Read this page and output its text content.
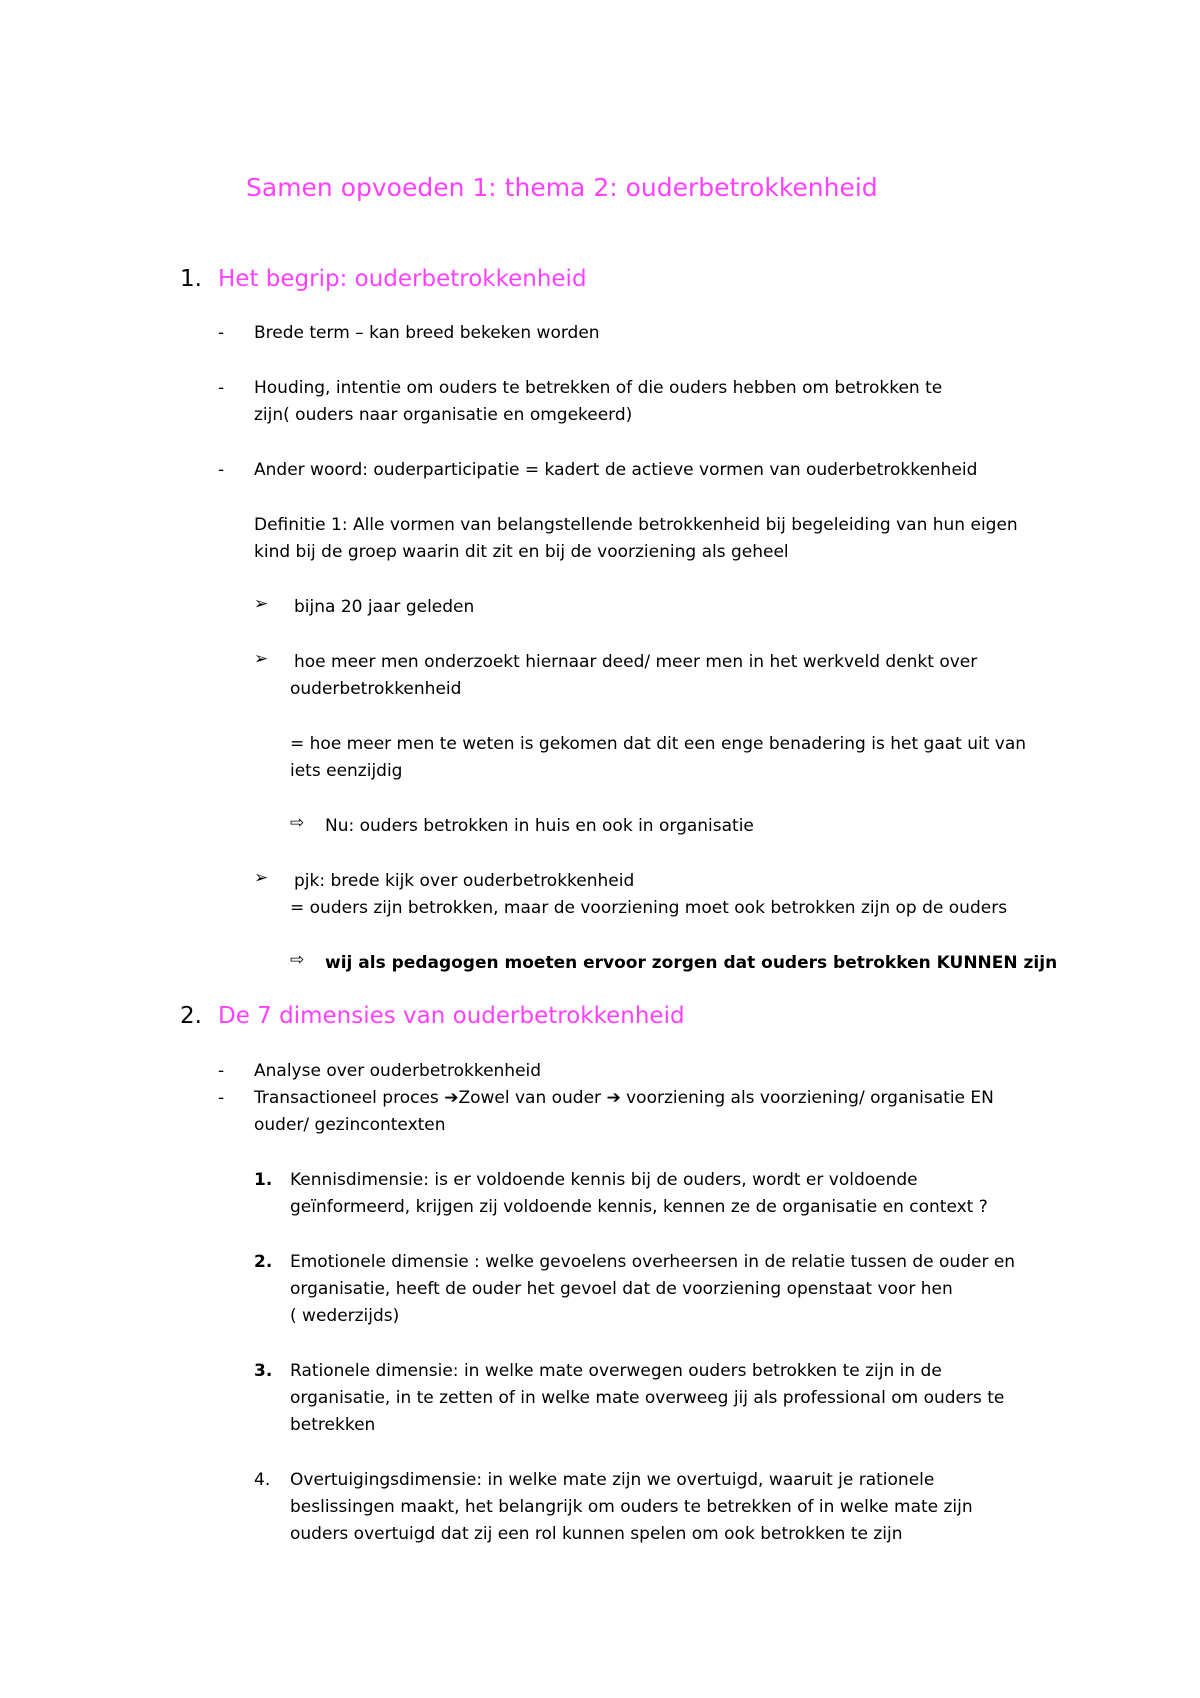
Samen opvoeden 1: thema 2: ouderbetrokkenheid
1. Het begrip: ouderbetrokkenheid
- Brede term – kan breed bekeken worden
- Houding, intentie om ouders te betrekken of die ouders hebben om betrokken te
zijn( ouders naar organisatie en omgekeerd)
- Ander woord: ouderparticipatie = kadert de actieve vormen van ouderbetrokkenheid
Definitie 1: Alle vormen van belangstellende betrokkenheid bij begeleiding van hun eigen
kind bij de groep waarin dit zit en bij de voorziening als geheel
➢ bijna 20 jaar geleden
➢ hoe meer men onderzoekt hiernaar deed/ meer men in het werkveld denkt over
ouderbetrokkenheid
= hoe meer men te weten is gekomen dat dit een enge benadering is het gaat uit van
iets eenzijdig
⇨ Nu: ouders betrokken in huis en ook in organisatie
➢ pjk: brede kijk over ouderbetrokkenheid
= ouders zijn betrokken, maar de voorziening moet ook betrokken zijn op de ouders
⇨ wij als pedagogen moeten ervoor zorgen dat ouders betrokken KUNNEN zijn
2. De 7 dimensies van ouderbetrokkenheid
- Analyse over ouderbetrokkenheid
- Transactioneel proces ➔Zowel van ouder ➔ voorziening als voorziening/ organisatie EN
ouder/ gezincontexten
1. Kennisdimensie: is er voldoende kennis bij de ouders, wordt er voldoende
geïnformeerd, krijgen zij voldoende kennis, kennen ze de organisatie en context ?
2. Emotionele dimensie : welke gevoelens overheersen in de relatie tussen de ouder en
organisatie, heeft de ouder het gevoel dat de voorziening openstaat voor hen
( wederzijds)
3. Rationele dimensie: in welke mate overwegen ouders betrokken te zijn in de
organisatie, in te zetten of in welke mate overweeg jij als professional om ouders te
betrekken
4. Overtuigingsdimensie: in welke mate zijn we overtuigd, waaruit je rationele
beslissingen maakt, het belangrijk om ouders te betrekken of in welke mate zijn
ouders overtuigd dat zij een rol kunnen spelen om ook betrokken te zijn
